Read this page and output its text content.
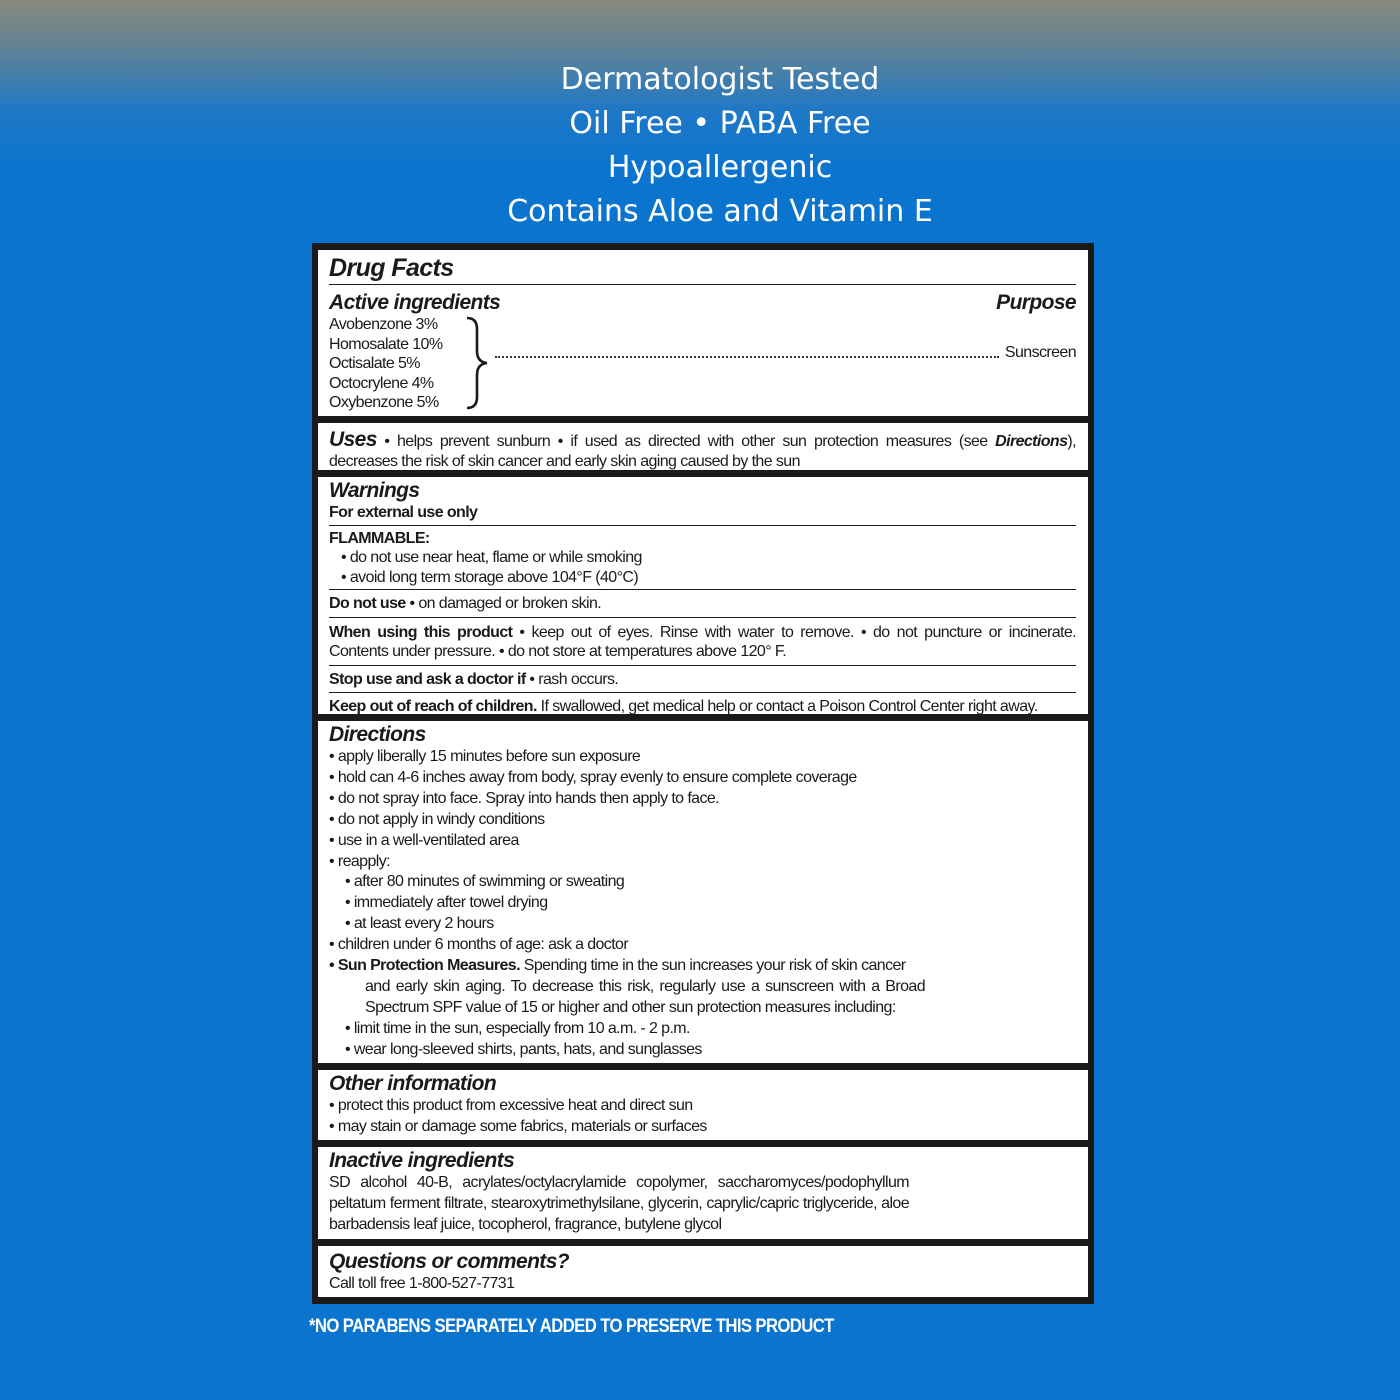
Dermatologist Tested
Oil Free • PABA Free
Hypoallergenic
Contains Aloe and Vitamin E
Drug Facts
Active ingredients	Purpose
Avobenzone 3%
Homosalate 10%
Octisalate 5%
Octocrylene 4%
Oxybenzone 5%
Sunscreen
Uses • helps prevent sunburn • if used as directed with other sun protection measures (see Directions), decreases the risk of skin cancer and early skin aging caused by the sun
Warnings
For external use only
FLAMMABLE:
• do not use near heat, flame or while smoking
• avoid long term storage above 104°F (40°C)
Do not use • on damaged or broken skin.
When using this product • keep out of eyes. Rinse with water to remove. • do not puncture or incinerate. Contents under pressure. • do not store at temperatures above 120° F.
Stop use and ask a doctor if • rash occurs.
Keep out of reach of children. If swallowed, get medical help or contact a Poison Control Center right away.
Directions
• apply liberally 15 minutes before sun exposure
• hold can 4-6 inches away from body, spray evenly to ensure complete coverage
• do not spray into face. Spray into hands then apply to face.
• do not apply in windy conditions
• use in a well-ventilated area
• reapply:
• after 80 minutes of swimming or sweating
• immediately after towel drying
• at least every 2 hours
• children under 6 months of age: ask a doctor
• Sun Protection Measures. Spending time in the sun increases your risk of skin cancer
and early skin aging. To decrease this risk, regularly use a sunscreen with a Broad Spectrum SPF value of 15 or higher and other sun protection measures including:
• limit time in the sun, especially from 10 a.m. - 2 p.m.
• wear long-sleeved shirts, pants, hats, and sunglasses
Other information
• protect this product from excessive heat and direct sun
• may stain or damage some fabrics, materials or surfaces
Inactive ingredients
SD alcohol 40-B, acrylates/octylacrylamide copolymer, saccharomyces/podophyllum peltatum ferment filtrate, stearoxytrimethylsilane, glycerin, caprylic/capric triglyceride, aloe barbadensis leaf juice, tocopherol, fragrance, butylene glycol
Questions or comments?
Call toll free 1-800-527-7731
*NO PARABENS SEPARATELY ADDED TO PRESERVE THIS PRODUCT
